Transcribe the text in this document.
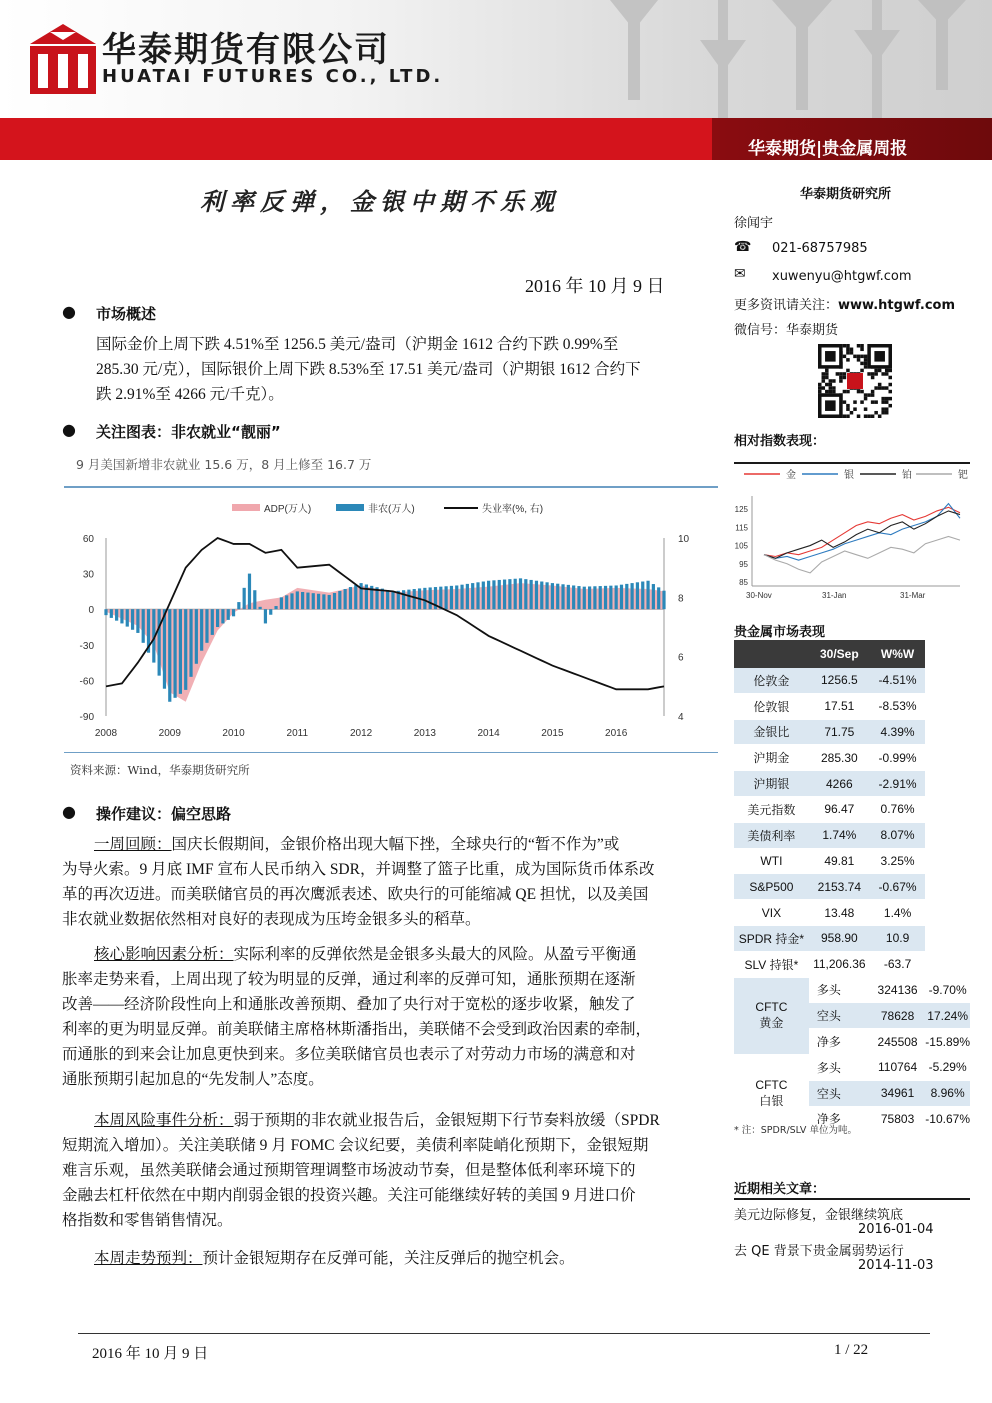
华泰期货有限公司
HUATAI FUTURES CO., LTD.
华泰期货|贵金属周报
利率反弹，金银中期不乐观
2016 年 10 月 9 日
● 市场概述
国际金价上周下跌 4.51%至 1256.5 美元/盎司（沪期金 1612 合约下跌 0.99%至
285.30 元/克），国际银价上周下跌 8.53%至 17.51 美元/盎司（沪期银 1612 合约下
跌 2.91%至 4266 元/千克）。
● 关注图表：非农就业“靓丽”
9 月美国新增非农就业 15.6 万，8 月上修至 16.7 万
ADP(万人)	非农(万人)	失业率(%, 右)
60
30
0
-30
-60
-90
10
8
6
4
2008	2009	2010	2011	2012	2013	2014	2015	2016
资料来源：Wind，华泰期货研究所
● 操作建议：偏空思路
一周回顾：国庆长假期间，金银价格出现大幅下挫，全球央行的“暂不作为”或
为导火索。9 月底 IMF 宣布人民币纳入 SDR，并调整了篮子比重，成为国际货币体系改
革的再次迈进。而美联储官员的再次鹰派表述、欧央行的可能缩减 QE 担忧，以及美国
非农就业数据依然相对良好的表现成为压垮金银多头的稻草。
核心影响因素分析：实际利率的反弹依然是金银多头最大的风险。从盈亏平衡通
胀率走势来看，上周出现了较为明显的反弹，通过利率的反弹可知，通胀预期在逐渐
改善——经济阶段性向上和通胀改善预期、叠加了央行对于宽松的逐步收紧，触发了
利率的更为明显反弹。前美联储主席格林斯潘指出，美联储不会受到政治因素的牵制，
而通胀的到来会让加息更快到来。多位美联储官员也表示了对劳动力市场的满意和对
通胀预期引起加息的“先发制人”态度。
本周风险事件分析：弱于预期的非农就业报告后，金银短期下行节奏料放缓（SPDR
短期流入增加）。关注美联储 9 月 FOMC 会议纪要，美债利率陡峭化预期下，金银短期
难言乐观，虽然美联储会通过预期管理调整市场波动节奏，但是整体低利率环境下的
金融去杠杆依然在中期内削弱金银的投资兴趣。关注可能继续好转的美国 9 月进口价
格指数和零售销售情况。
本周走势预判：预计金银短期存在反弹可能，关注反弹后的抛空机会。
华泰期货研究所
徐闻宇
☎ 021-68757985
✉ xuwenyu@htgwf.com
更多资讯请关注：www.htgwf.com
微信号：华泰期货
相对指数表现：
金	银	铂	钯
125
115
105
95
85
30-Nov	31-Jan	31-Mar
贵金属市场表现
	30/Sep	W%W	
伦敦金	1256.5	-4.51%	
伦敦银	17.51	-8.53%	
金银比	71.75	4.39%	
沪期金	285.30	-0.99%	
沪期银	4266	-2.91%	
美元指数	96.47	0.76%	
美债利率	1.74%	8.07%	
WTI	49.81	3.25%	
S&P500	2153.74	-0.67%	
VIX	13.48	1.4%	
SPDR 持金*	958.90	10.9	
SLV 持银*	11,206.36	-63.7	

CFTC
黄金	多头	324136	-9.70%
	空头	78628	17.24%
	净多	245508	-15.89%

CFTC
白银	多头	110764	-5.29%
	空头	34961	8.96%
	净多	75803	-10.67%
* 注：SPDR/SLV 单位为吨。
近期相关文章：
美元边际修复，金银继续筑底
2016-01-04
去 QE 背景下贵金属弱势运行
2014-11-03
2016 年 10 月 9 日	1 / 22
